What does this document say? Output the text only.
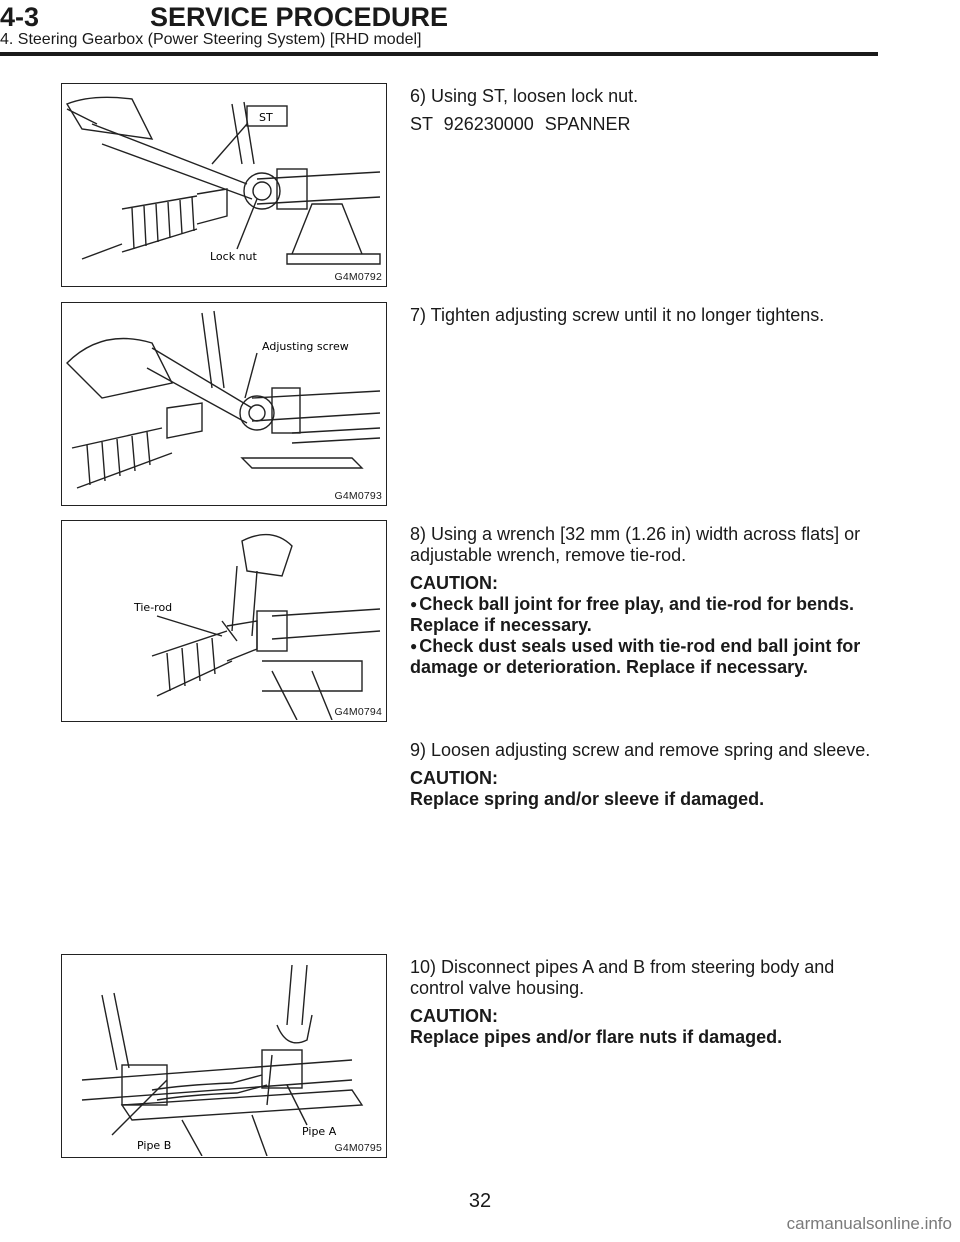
4-3	SERVICE PROCEDURE
4. Steering Gearbox (Power Steering System) [RHD model]
ST
Lock nut
G4M0792
Adjusting screw
G4M0793
Tie-rod
G4M0794
Pipe A
Pipe B	G4M0795

6) Using ST, loosen lock nut.

ST 926230000 SPANNER

7) Tighten adjusting screw until it no longer tightens.

8) Using a wrench [32 mm (1.26 in) width across flats] or adjustable wrench, remove tie-rod.

CAUTION:
● Check ball joint for free play, and tie-rod for bends. Replace if necessary.
● Check dust seals used with tie-rod end ball joint for damage or deterioration. Replace if necessary.

9) Loosen adjusting screw and remove spring and sleeve.

CAUTION:
Replace spring and/or sleeve if damaged.

10) Disconnect pipes A and B from steering body and control valve housing.

CAUTION:
Replace pipes and/or flare nuts if damaged.
32
carmanualsonline.info
